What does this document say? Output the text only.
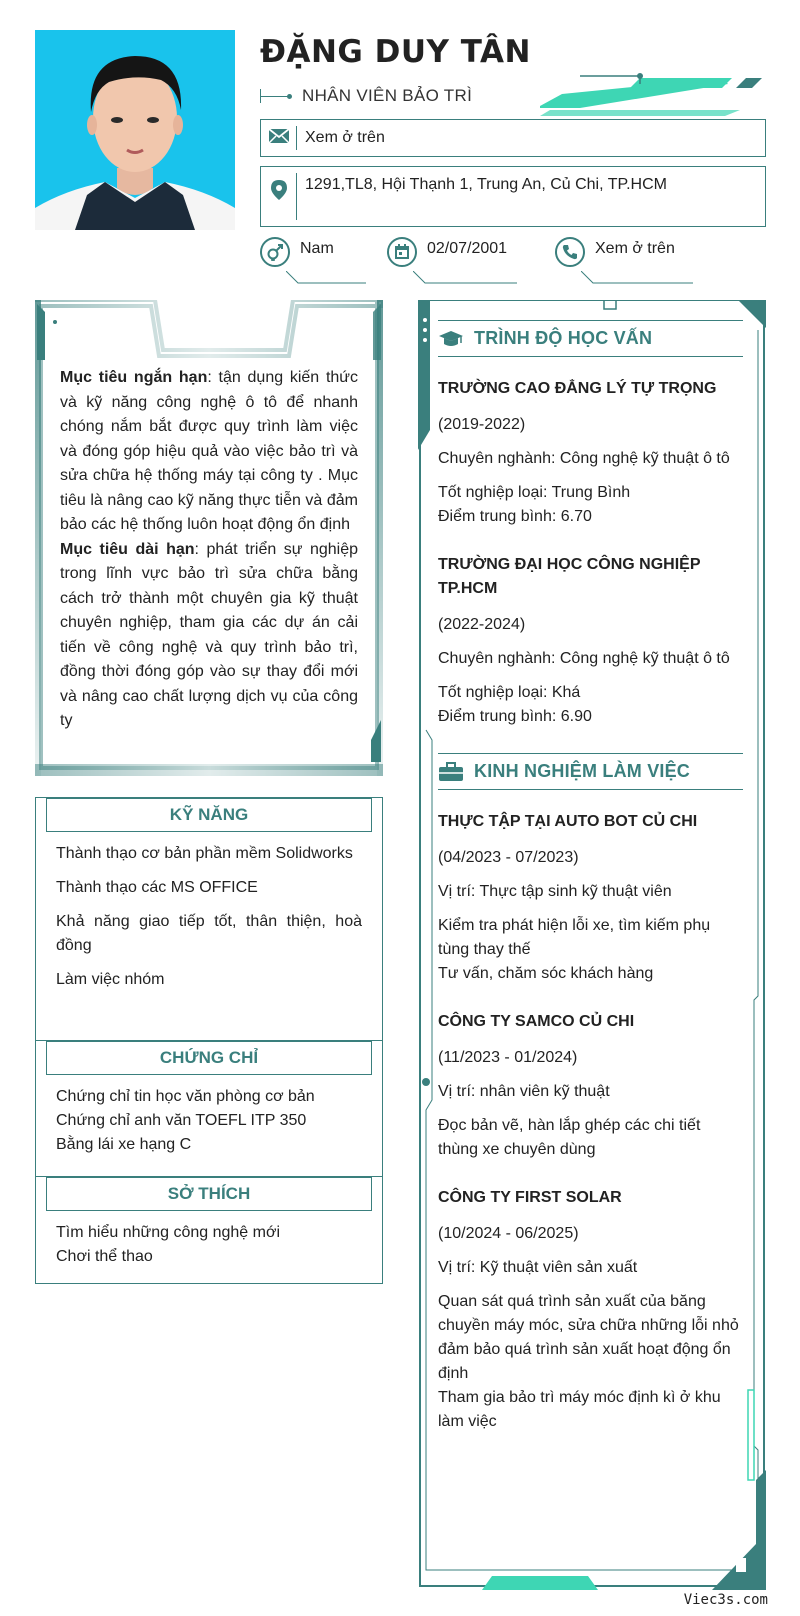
ĐẶNG DUY TÂN
NHÂN VIÊN BẢO TRÌ
Xem ở trên
1291,TL8, Hội Thạnh 1, Trung An, Củ Chi, TP.HCM
Nam	02/07/2001	Xem ở trên
Mục tiêu ngắn hạn: tận dụng kiến thức và kỹ năng công nghệ ô tô để nhanh chóng nắm bắt được quy trình làm việc và đóng góp hiệu quả vào việc bảo trì và sửa chữa hệ thống máy tại công ty . Mục tiêu là nâng cao kỹ năng thực tiễn và đảm bảo các hệ thống luôn hoạt động ổn định
Mục tiêu dài hạn: phát triển sự nghiệp trong lĩnh vực bảo trì sửa chữa bằng cách trở thành một chuyên gia kỹ thuật chuyên nghiệp, tham gia các dự án cải tiến về công nghệ và quy trình bảo trì, đồng thời đóng góp vào sự thay đổi mới và nâng cao chất lượng dịch vụ của công ty
KỸ NĂNG

Thành thạo cơ bản phần mềm Solidworks

Thành thạo các MS OFFICE

Khả năng giao tiếp tốt, thân thiện, hoà đồng

Làm việc nhóm

CHỨNG CHỈ

Chứng chỉ tin học văn phòng cơ bản

Chứng chỉ anh văn TOEFL ITP 350

Bằng lái xe hạng C

SỞ THÍCH

Tìm hiểu những công nghệ mới

Chơi thể thao

TRÌNH ĐỘ HỌC VẤN
TRƯỜNG CAO ĐẲNG LÝ TỰ TRỌNG
(2019-2022)
Chuyên nghành: Công nghệ kỹ thuật ô tô
Tốt nghiệp loại: Trung Bình
Điểm trung bình: 6.70
TRƯỜNG ĐẠI HỌC CÔNG NGHIỆP TP.HCM
(2022-2024)
Chuyên nghành: Công nghệ kỹ thuật ô tô
Tốt nghiệp loại: Khá
Điểm trung bình: 6.90
KINH NGHIỆM LÀM VIỆC
THỰC TẬP TẠI AUTO BOT CỦ CHI
(04/2023 - 07/2023)
Vị trí: Thực tập sinh kỹ thuật viên
Kiểm tra phát hiện lỗi xe, tìm kiếm phụ tùng thay thế
Tư vấn, chăm sóc khách hàng
CÔNG TY SAMCO CỦ CHI
(11/2023 - 01/2024)
Vị trí: nhân viên kỹ thuật
Đọc bản vẽ, hàn lắp ghép các chi tiết thùng xe chuyên dùng
CÔNG TY FIRST SOLAR
(10/2024 - 06/2025)
Vị trí: Kỹ thuật viên sản xuất
Quan sát quá trình sản xuất của băng chuyền máy móc, sửa chữa những lỗi nhỏ đảm bảo quá trình sản xuất hoạt động ổn định
Tham gia bảo trì máy móc định kì ở khu làm việc
Viec3s.com
